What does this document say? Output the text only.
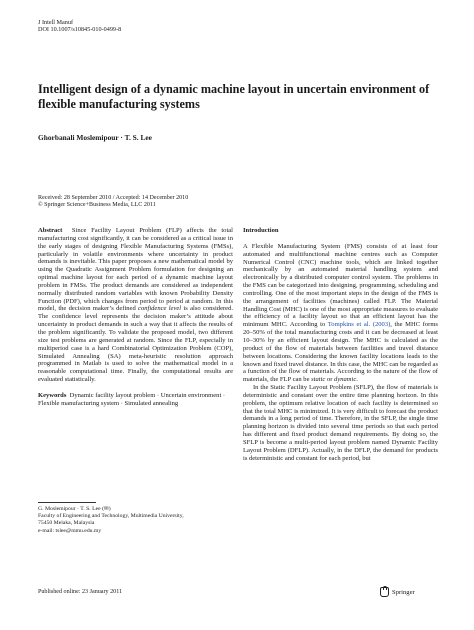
J Intell Manuf
DOI 10.1007/s10845-010-0499-8
Intelligent design of a dynamic machine layout in uncertain environment of flexible manufacturing systems
Ghorbanali Moslemipour · T. S. Lee
Received: 28 September 2010 / Accepted: 14 December 2010
© Springer Science+Business Media, LLC 2011

Abstract Since Facility Layout Problem (FLP) affects the total manufacturing cost significantly, it can be considered as a critical issue in the early stages of designing Flexible Manufacturing Systems (FMSs), particularly in volatile environments where uncertainty in product demands is inevitable. This paper proposes a new mathematical model by using the Quadratic Assignment Problem formulation for designing an optimal machine layout for each period of a dynamic machine layout problem in FMSs. The product demands are considered as independent normally distributed random variables with known Probability Density Function (PDF), which changes from period to period at random. In this model, the decision maker’s defined confidence level is also considered. The confidence level represents the decision maker’s attitude about uncertainty in product demands in such a way that it affects the results of the problem significantly. To validate the proposed model, two different size test problems are generated at random. Since the FLP, especially in multiperiod case is a hard Combinatorial Optimization Problem (COP), Simulated Annealing (SA) meta-heuristic resolution approach programmed in Matlab is used to solve the mathematical model in a reasonable computational time. Finally, the computational results are evaluated statistically.

Keywords Dynamic facility layout problem · Uncertain environment · Flexible manufacturing system · Simulated annealing

G. Moslemipour · T. S. Lee (✉)
Faculty of Engineering and Technology, Multimedia University,
75450 Melaka, Malaysia
e-mail: tslee@mmu.edu.my
Introduction

A Flexible Manufacturing System (FMS) consists of at least four automated and multifunctional machine centres such as Computer Numerical Control (CNC) machine tools, which are linked together mechanically by an automated material handling system and electronically by a distributed computer control system. The problems in the FMS can be categorized into designing, programming, scheduling and controlling. One of the most important steps in the design of the FMS is the arrangement of facilities (machines) called FLP. The Material Handling Cost (MHC) is one of the most appropriate measures to evaluate the efficiency of a facility layout so that an efficient layout has the minimum MHC. According to Tompkins et al. (2003), the MHC forms 20–50% of the total manufacturing costs and it can be decreased at least 10–30% by an efficient layout design. The MHC is calculated as the product of the flow of materials between facilities and travel distance between locations. Considering the known facility locations leads to the known and fixed travel distance. In this case, the MHC can be regarded as a function of the flow of materials. According to the nature of the flow of materials, the FLP can be static or dynamic.

In the Static Facility Layout Problem (SFLP), the flow of materials is deterministic and constant over the entire time planning horizon. In this problem, the optimum relative location of each facility is determined so that the total MHC is minimized. It is very difficult to forecast the product demands in a long period of time. Therefore, in the SFLP, the single time planning horizon is divided into several time periods so that each period has different and fixed product demand requirements. By doing so, the SFLP is become a multi-period layout problem named Dynamic Facility Layout Problem (DFLP). Actually, in the DFLP, the demand for products is deterministic and constant for each period, but

Published online: 23 January 2011	Springer
